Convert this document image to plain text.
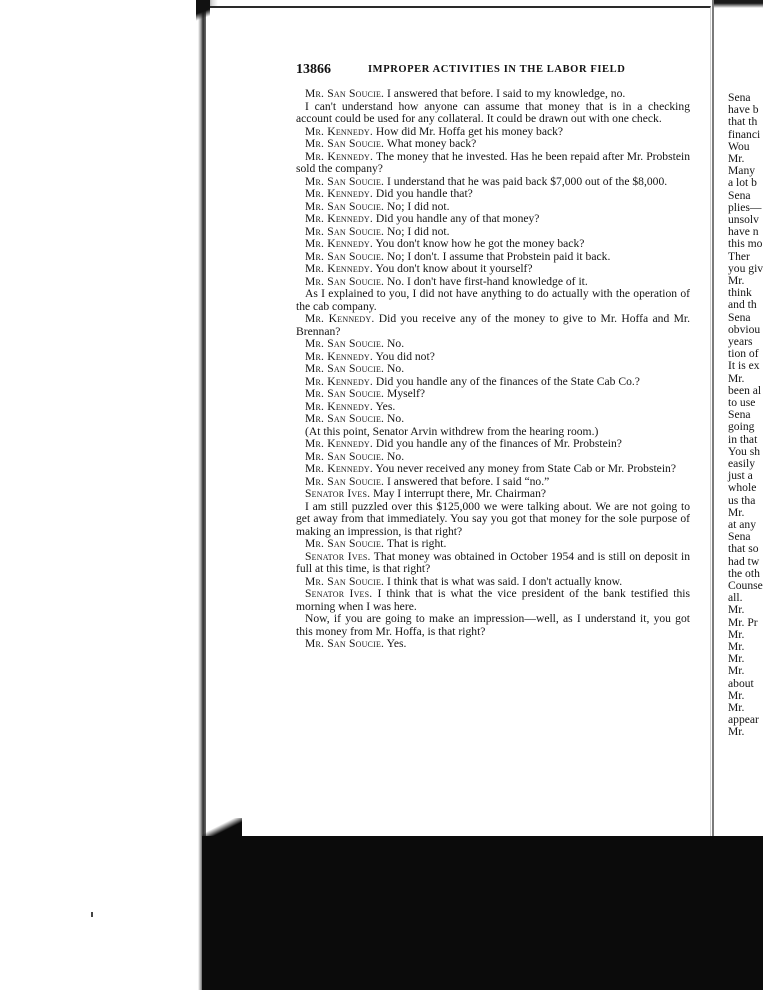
Sena
have b
that th
financi
Wou
Mr.
Many
a lot b
Sena
plies—
unsolv
have n
this mo
Ther
you giv
Mr.
think
and th
Sena
obviou
years
tion of
It is ex
Mr.
been al
to use
Sena
going
in that
You sh
easily
just a
whole
us tha
Mr.
at any
Sena
that so
had tw
the oth
Counse
all.
Mr.
Mr. Pr
Mr.
Mr.
Mr.
Mr.
about
Mr.
Mr.
appear
Mr.
13866	IMPROPER ACTIVITIES IN THE LABOR FIELD

Mr. San Soucie. I answered that before. I said to my knowledge, no.

I can't understand how anyone can assume that money that is in a checking account could be used for any collateral. It could be drawn out with one check.

Mr. Kennedy. How did Mr. Hoffa get his money back?

Mr. San Soucie. What money back?

Mr. Kennedy. The money that he invested. Has he been repaid after Mr. Probstein sold the company?

Mr. San Soucie. I understand that he was paid back $7,000 out of the $8,000.

Mr. Kennedy. Did you handle that?

Mr. San Soucie. No; I did not.

Mr. Kennedy. Did you handle any of that money?

Mr. San Soucie. No; I did not.

Mr. Kennedy. You don't know how he got the money back?

Mr. San Soucie. No; I don't. I assume that Probstein paid it back.

Mr. Kennedy. You don't know about it yourself?

Mr. San Soucie. No. I don't have first-hand knowledge of it.

As I explained to you, I did not have anything to do actually with the operation of the cab company.

Mr. Kennedy. Did you receive any of the money to give to Mr. Hoffa and Mr. Brennan?

Mr. San Soucie. No.

Mr. Kennedy. You did not?

Mr. San Soucie. No.

Mr. Kennedy. Did you handle any of the finances of the State Cab Co.?

Mr. San Soucie. Myself?

Mr. Kennedy. Yes.

Mr. San Soucie. No.

(At this point, Senator Arvin withdrew from the hearing room.)

Mr. Kennedy. Did you handle any of the finances of Mr. Probstein?

Mr. San Soucie. No.

Mr. Kennedy. You never received any money from State Cab or Mr. Probstein?

Mr. San Soucie. I answered that before. I said “no.”

Senator Ives. May I interrupt there, Mr. Chairman?

I am still puzzled over this $125,000 we were talking about. We are not going to get away from that immediately. You say you got that money for the sole purpose of making an impression, is that right?

Mr. San Soucie. That is right.

Senator Ives. That money was obtained in October 1954 and is still on deposit in full at this time, is that right?

Mr. San Soucie. I think that is what was said. I don't actually know.

Senator Ives. I think that is what the vice president of the bank testified this morning when I was here.

Now, if you are going to make an impression—well, as I understand it, you got this money from Mr. Hoffa, is that right?

Mr. San Soucie. Yes.
